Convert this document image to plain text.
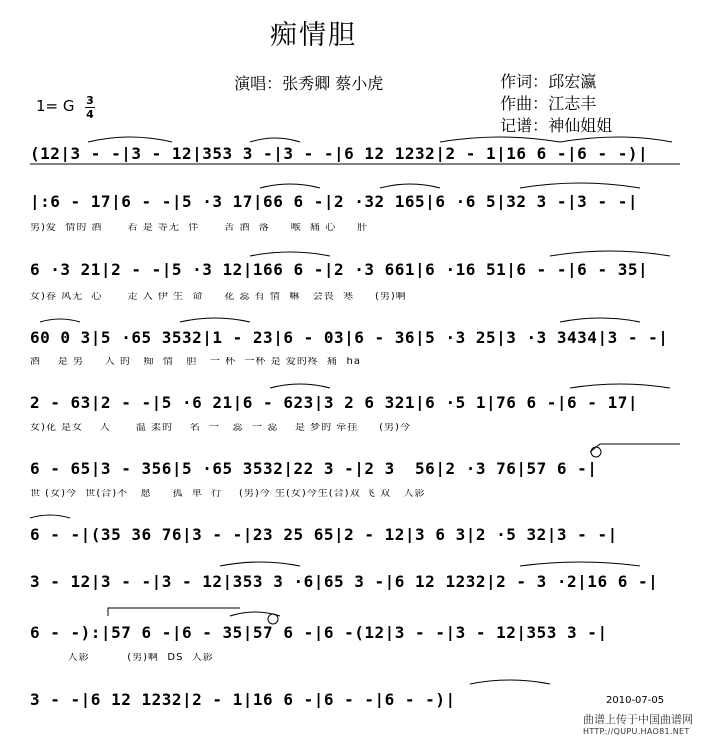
痴情胆

演唱：张秀卿 蔡小虎	作词：邱宏瀛

作曲：江志丰

记谱：神仙姐姐

1= G 3
4
(12|3 - -|3 - 12|353 3 -|3 - -|6 12 1232|2 - 1|16 6 -|6 - -)|
|:6 - 17|6 - -|5 ·3 17|66 6 -|2 ·32 165|6 ·6 5|32 3 -|3 - -|
男)爱  情的 酒      若 是 等无  伴      苦 酒  落     喉  痛 心     肝
6 ·3 21|2 - -|5 ·3 12|166 6 -|2 ·3 661|6 ·16 51|6 - -|6 - 35|
女)春 风无  心      走 入 伊 生  命     花 蕊 有 情  嘛   会畏  寒     (男)啊
60 0 3|5 ·65 3532|1 - 23|6 - 03|6 - 36|5 ·3 25|3 ·3 3434|3 - -|
酒    是 男     人 的   痴  情   胆   一 杯  一杯 是 爱的疼  痛  ha
2 - 63|2 - -|5 ·6 21|6 - 623|3 2 6 321|6 ·5 1|76 6 -|6 - 17|
女)花 是女    人      温 柔的    名  一   蕊  一 蕊    是 梦的 牵挂     (男)今
6 - 65|3 - 356|5 ·65 3532|22 3 -|2 3  56|2 ·3 76|57 6 -|
世 (女)今  世(合)不   愿     孤  单  行    (男)今 生(女)今生(合)双 飞 双   人影
6 - -|(35 36 76|3 - -|23 25 65|2 - 12|3 6 3|2 ·5 32|3 - -|
3 - 12|3 - -|3 - 12|353 3 ·6|65 3 -|6 12 1232|2 - 3 ·2|16 6 -|
6 - -):|57 6 -|6 - 35|57 6 -|6 -(12|3 - -|3 - 12|353 3 -|
人影         (男)啊  DS  人影
3 - -|6 12 1232|2 - 1|16 6 -|6 - -|6 - -)|	2010-07-05
曲谱上传于中国曲谱网
HTTP://QUPU.HAO81.NET
